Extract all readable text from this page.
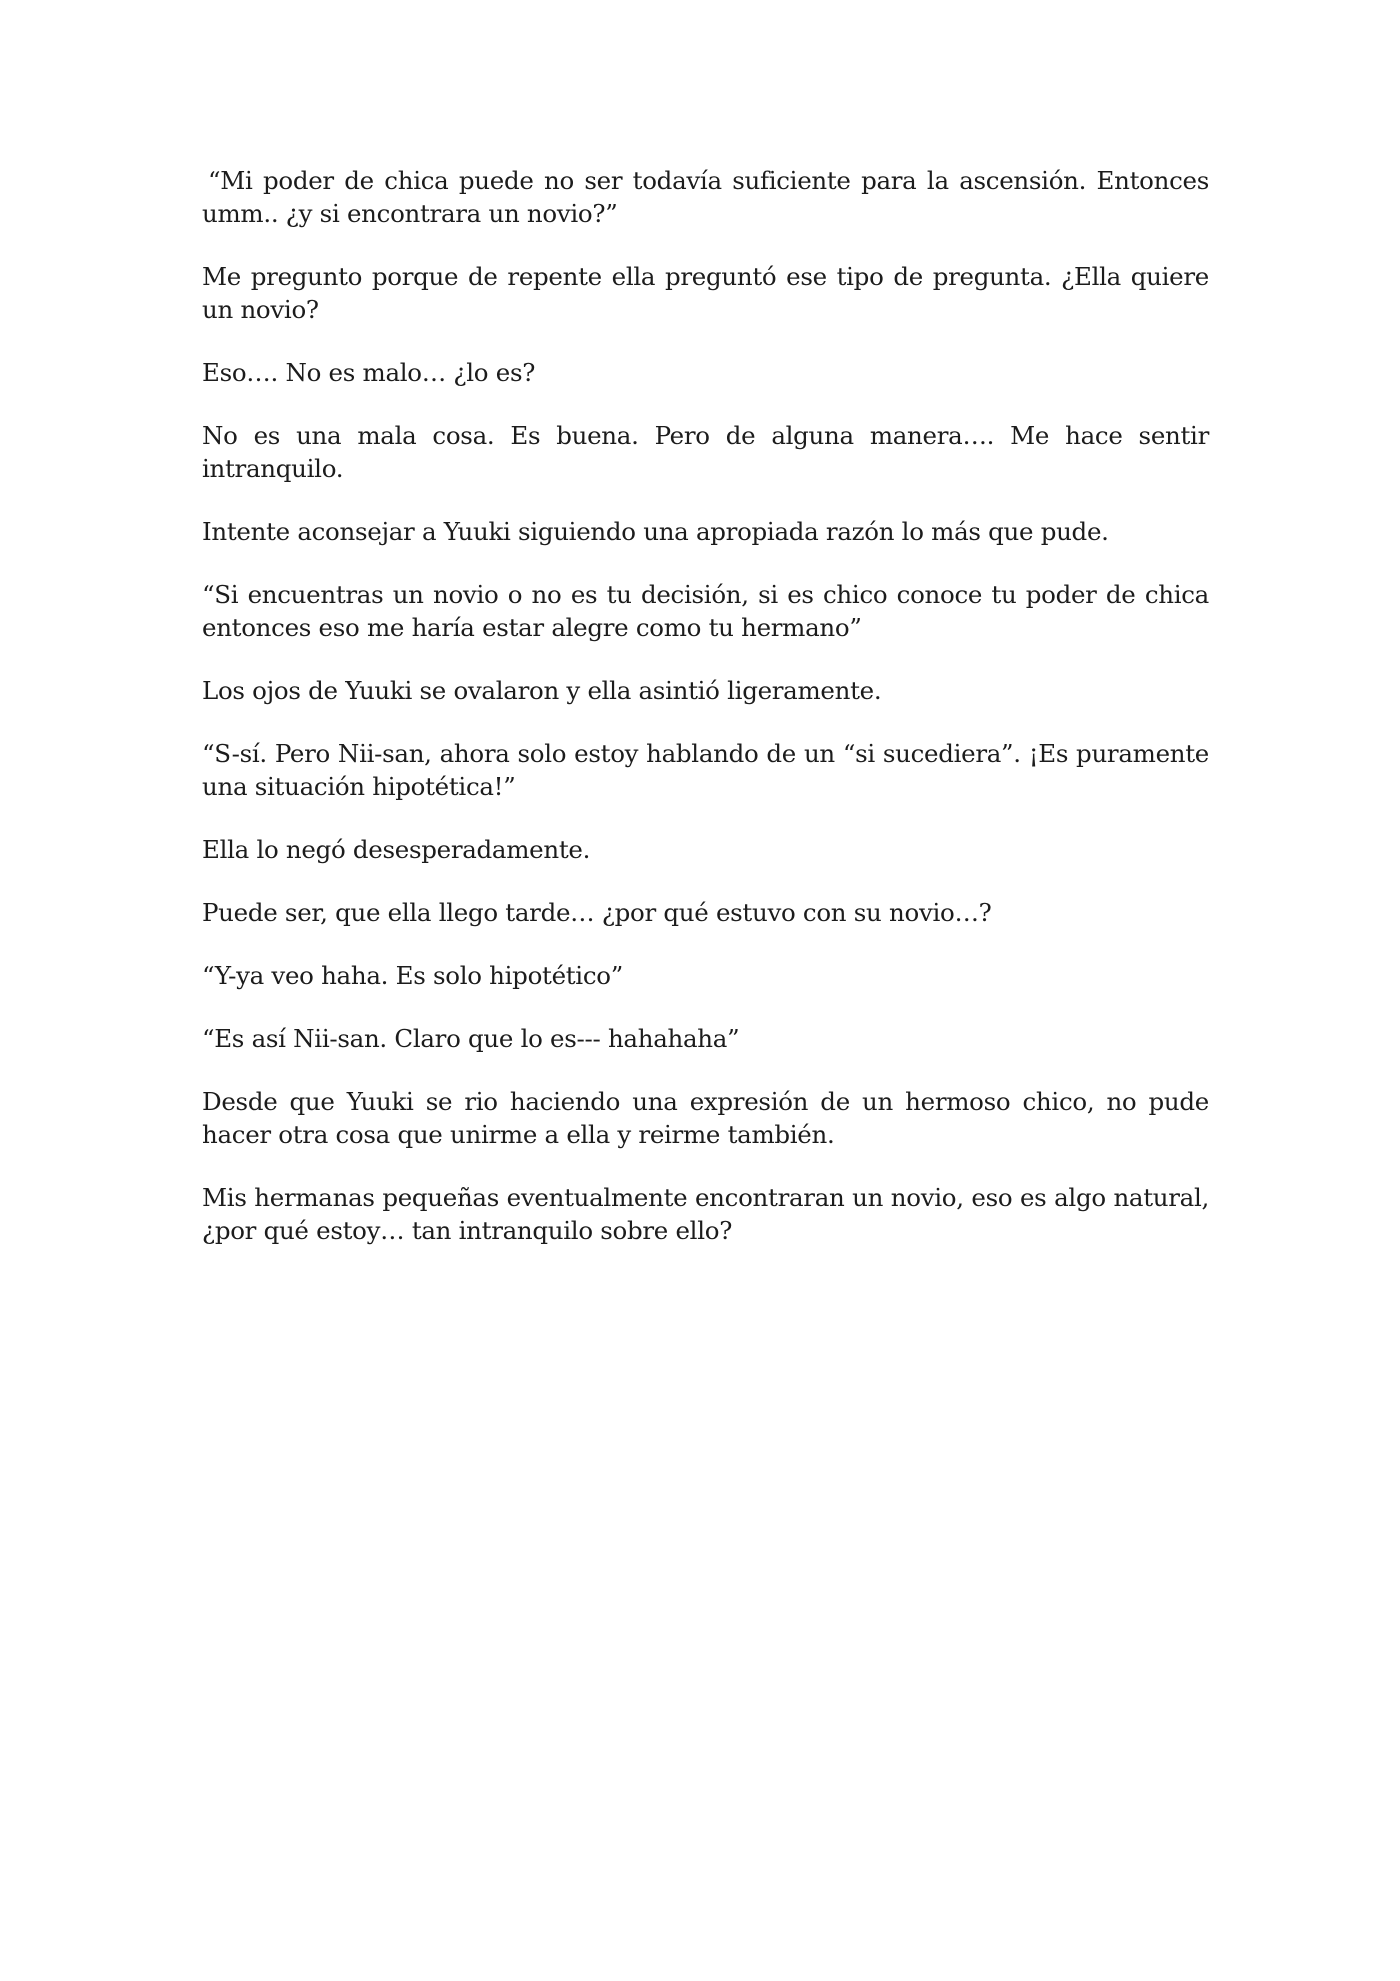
“Mi poder de chica puede no ser todavía suficiente para la ascensión. Entonces umm.. ¿y si encontrara un novio?”

Me pregunto porque de repente ella preguntó ese tipo de pregunta. ¿Ella quiere un novio?

Eso…. No es malo… ¿lo es?

No es una mala cosa. Es buena. Pero de alguna manera…. Me hace sentir intranquilo.

Intente aconsejar a Yuuki siguiendo una apropiada razón lo más que pude.

“Si encuentras un novio o no es tu decisión, si es chico conoce tu poder de chica entonces eso me haría estar alegre como tu hermano”

Los ojos de Yuuki se ovalaron y ella asintió ligeramente.

“S-sí. Pero Nii-san, ahora solo estoy hablando de un “si sucediera”. ¡Es puramente una situación hipotética!”

Ella lo negó desesperadamente.

Puede ser, que ella llego tarde… ¿por qué estuvo con su novio…?

“Y-ya veo haha. Es solo hipotético”

“Es así Nii-san. Claro que lo es--- hahahaha”

Desde que Yuuki se rio haciendo una expresión de un hermoso chico, no pude hacer otra cosa que unirme a ella y reirme también.

Mis hermanas pequeñas eventualmente encontraran un novio, eso es algo natural, ¿por qué estoy… tan intranquilo sobre ello?
